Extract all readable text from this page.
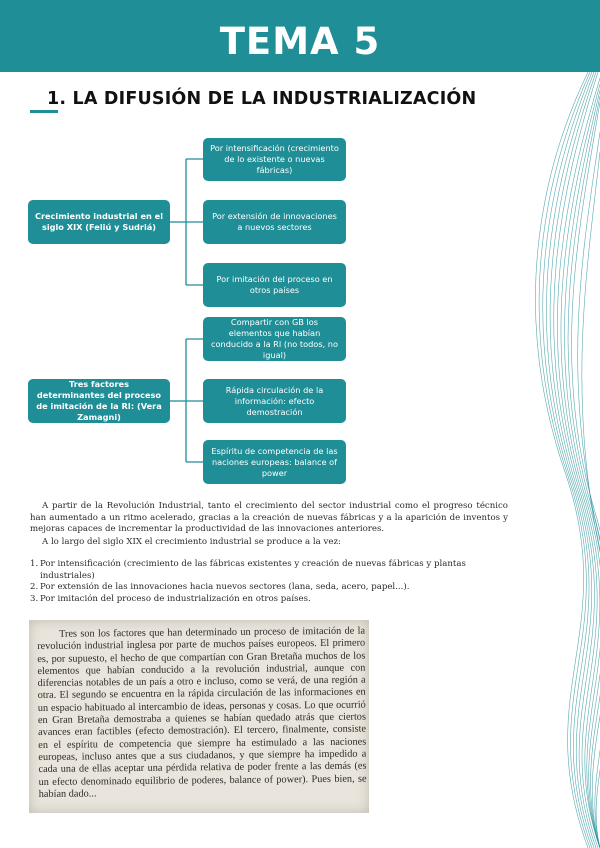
TEMA 5
1. LA DIFUSIÓN DE LA INDUSTRIALIZACIÓN
Crecimiento industrial en el siglo XIX (Feliú y Sudriá)
Por intensificación (crecimiento de lo existente o nuevas fábricas)
Por extensión de innovaciones a nuevos sectores
Por imitación del proceso en otros países
Tres factores determinantes del proceso de imitación de la RI: (Vera Zamagni)
Compartir con GB los elementos que habían conducido a la RI (no todos, no igual)
Rápida circulación de la información: efecto demostración
Espíritu de competencia de las naciones europeas: balance of power

A partir de la Revolución Industrial, tanto el crecimiento del sector industrial como el progreso técnico han aumentado a un ritmo acelerado, gracias a la creación de nuevas fábricas y a la aparición de inventos y mejoras capaces de incrementar la productividad de las innovaciones anteriores.

A lo largo del siglo XIX el crecimiento industrial se produce a la vez:

1. Por intensificación (crecimiento de las fábricas existentes y creación de nuevas fábricas y plantas industriales)
2. Por extensión de las innovaciones hacia nuevos sectores (lana, seda, acero, papel...).
3. Por imitación del proceso de industrialización en otros países.

Tres son los factores que han determinado un proceso de imitación de la revolución industrial inglesa por parte de muchos países europeos. El primero es, por supuesto, el hecho de que compartían con Gran Bretaña muchos de los elementos que habían conducido a la revolución industrial, aunque con diferencias notables de un país a otro e incluso, como se verá, de una región a otra. El segundo se encuentra en la rápida circulación de las informaciones en un espacio habituado al intercambio de ideas, personas y cosas. Lo que ocurrió en Gran Bretaña demostraba a quienes se habían quedado atrás que ciertos avances eran factibles (efecto demostración). El tercero, finalmente, consiste en el espíritu de competencia que siempre ha estimulado a las naciones europeas, incluso antes que a sus ciudadanos, y que siempre ha impedido a cada una de ellas aceptar una pérdida relativa de poder frente a las demás (es un efecto denominado equilibrio de poderes, balance of power). Pues bien, se habían dado...
